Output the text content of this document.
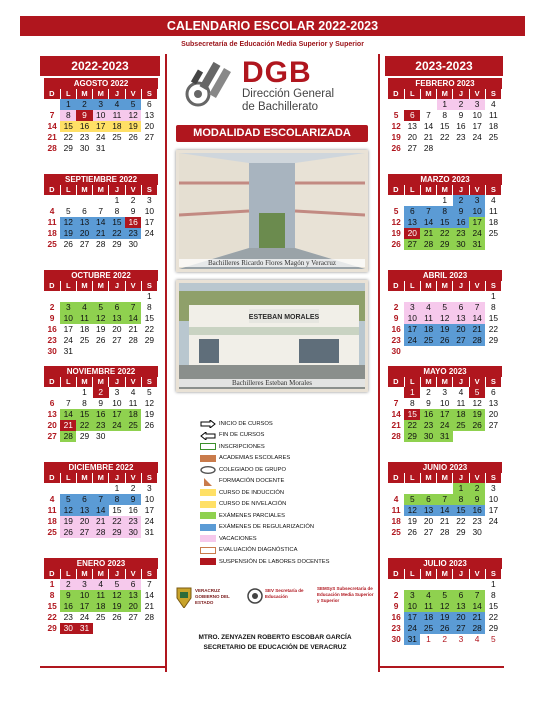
CALENDARIO ESCOLAR 2022-2023
Subsecretaría de Educación Media Superior y Superior
2022-2023	2023-2023
AGOSTO 2022
D	L	M	M	J	V	S
	1	2	3	4	5	6
7	8	9	10	11	12	13
14	15	16	17	18	19	20
21	22	23	24	25	26	27
28	29	30	31			
SEPTIEMBRE 2022
D	L	M	M	J	V	S
				1	2	3
4	5	6	7	8	9	10
11	12	13	14	15	16	17
18	19	20	21	22	23	24
25	26	27	28	29	30	
OCTUBRE 2022
D	L	M	M	J	V	S
						1
2	3	4	5	6	7	8
9	10	11	12	13	14	15
16	17	18	19	20	21	22
23	24	25	26	27	28	29
30	31					
NOVIEMBRE 2022
D	L	M	M	J	V	S
		1	2	3	4	5
6	7	8	9	10	11	12
13	14	15	16	17	18	19
20	21	22	23	24	25	26
27	28	29	30			
DICIEMBRE 2022
D	L	M	M	J	V	S
				1	2	3
4	5	6	7	8	9	10
11	12	13	14	15	16	17
18	19	20	21	22	23	24
25	26	27	28	29	30	31
ENERO 2023
D	L	M	M	J	V	S
1	2	3	4	5	6	7
8	9	10	11	12	13	14
15	16	17	18	19	20	21
22	23	24	25	26	27	28
29	30	31				
FEBRERO 2023
D	L	M	M	J	V	S
			1	2	3	4
5	6	7	8	9	10	11
12	13	14	15	16	17	18
19	20	21	22	23	24	25
26	27	28				
MARZO 2023
D	L	M	M	J	V	S
			1	2	3	4
5	6	7	8	9	10	11
12	13	14	15	16	17	18
19	20	21	22	23	24	25
26	27	28	29	30	31	
ABRIL 2023
D	L	M	M	J	V	S
						1
2	3	4	5	6	7	8
9	10	11	12	13	14	15
16	17	18	19	20	21	22
23	24	25	26	27	28	29
30						
MAYO 2023
D	L	M	M	J	V	S
	1	2	3	4	5	6
7	8	9	10	11	12	13
14	15	16	17	18	19	20
21	22	23	24	25	26	27
28	29	30	31			
JUNIO 2023
D	L	M	M	J	V	S
				1	2	3
4	5	6	7	8	9	10
11	12	13	14	15	16	17
18	19	20	21	22	23	24
25	26	27	28	29	30	
JULIO 2023
D	L	M	M	J	V	S
						1
2	3	4	5	6	7	8
9	10	11	12	13	14	15
16	17	18	19	20	21	22
23	24	25	26	27	28	29
30	31	1	2	3	4	5
DGB
Dirección General
de Bachillerato
MODALIDAD ESCOLARIZADA
Bachilleres Ricardo Flores Magón y Veracruz
ESTEBAN MORALES
Bachilleres Esteban Morales
INICIO DE CURSOS
FIN DE CURSOS
INSCRIPCIONES
ACADEMIAS ESCOLARES
COLEGIADO DE GRUPO
FORMACIÓN DOCENTE
CURSO DE INDUCCIÓN
CURSO DE NIVELACIÓN
EXÁMENES PARCIALES
EXÁMENES DE REGULARIZACIÓN
VACACIONES
EVALUACIÓN DIAGNÓSTICA
SUSPENSIÓN DE LABORES DOCENTES
VERACRUZ GOBIERNO DEL ESTADO
SEV Secretaría de Educación
SEMSyS Subsecretaría de Educación Media Superior y Superior
MTRO. ZENYAZEN ROBERTO ESCOBAR GARCÍA
SECRETARIO DE EDUCACIÓN DE VERACRUZ
